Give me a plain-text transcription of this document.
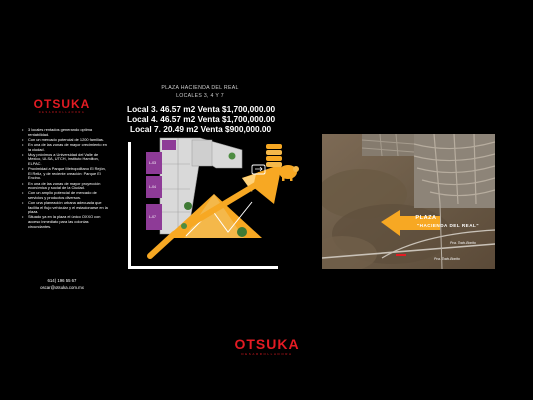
OTSUKA
DESARROLLADORA
• 3 locales rentados generando optima rentabilidad.
• Con un mercado potencial de 1200 familias.
• En una de las zonas de mayor crecimiento en la ciudad.
• Muy próximos a Universidad del Valle de Mexico, ULSA, UTCH, Instituto Hamilton, ELPAC.
• Proximidad a Parque Metropolitano El Rejón, El Reliz, y de reciente creación: Parque El Encino.
• En una de las zonas de mayor proyección económica y social de la Ciudad.
• Con un amplio potencial de mercado de servicios y productos diversos.
• Con una planeación urbana adecuada que facilita el flujo vehicular y el estacionarse en la plaza.
• Situado ya en la plaza el único OXXO con acceso inmediato para las colonias circundantes.
614) 196 55 67
oscar@otsuka.com.mx
PLAZA HACIENDA DEL REAL
LOCALES 3, 4 Y 7
Local 3. 46.57 m2 Venta $1,700,000.00
Local 4. 46.57 m2 Venta $1,700,000.00
Local 7. 20.49 m2 Venta $900,000.00
L-03
L-04
L-07	PLAZA
"HACIENDA DEL REAL"
Pca. Todo-Bonito
Pca. Todo-Bonito
OTSUKA
DESARROLLADORA
